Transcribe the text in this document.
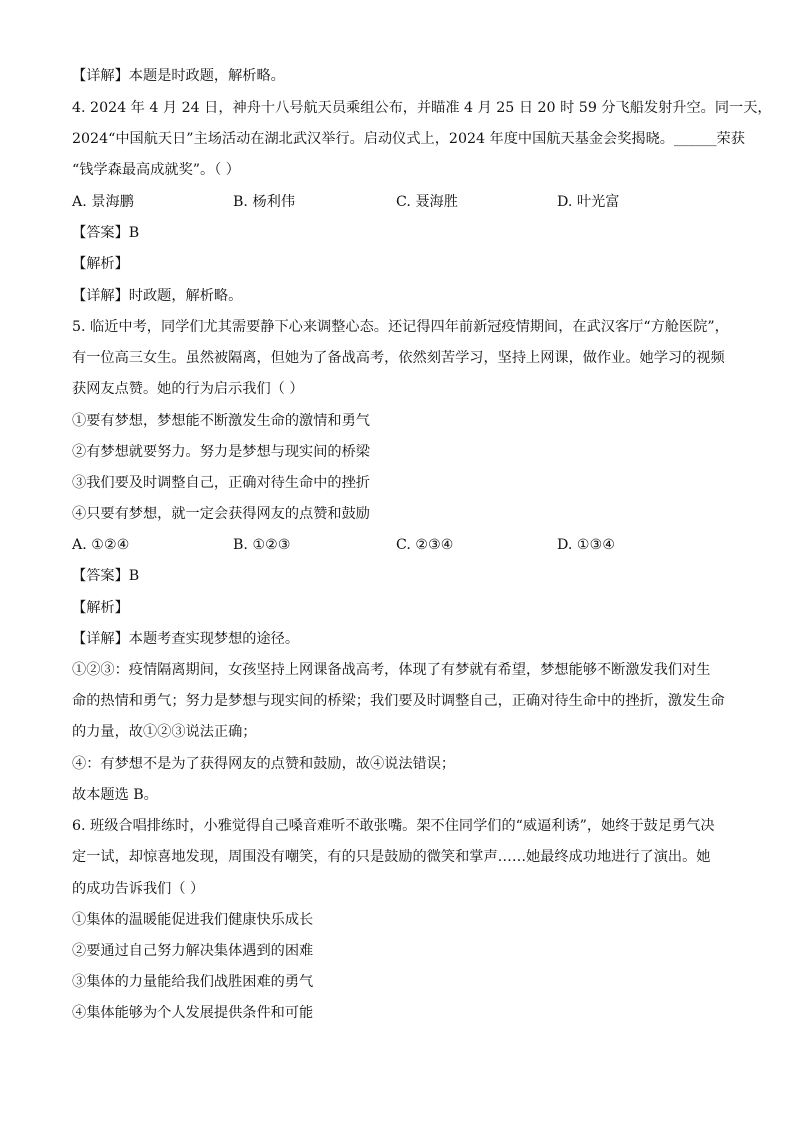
【详解】本题是时政题，解析略。
4. 2024 年 4 月 24 日，神舟十八号航天员乘组公布，并瞄准 4 月 25 日 20 时 59 分飞船发射升空。同一天，
2024“中国航天日”主场活动在湖北武汉举行。启动仪式上，2024 年度中国航天基金会奖揭晓。______荣获
“钱学森最高成就奖”。（ ）
A. 景海鹏	B. 杨利伟	C. 聂海胜	D. 叶光富
【答案】B
【解析】
【详解】时政题，解析略。
5. 临近中考，同学们尤其需要静下心来调整心态。还记得四年前新冠疫情期间，在武汉客厅“方舱医院”，
有一位高三女生。虽然被隔离，但她为了备战高考，依然刻苦学习，坚持上网课，做作业。她学习的视频
获网友点赞。她的行为启示我们（ ）
①要有梦想，梦想能不断激发生命的激情和勇气
②有梦想就要努力。努力是梦想与现实间的桥梁
③我们要及时调整自己，正确对待生命中的挫折
④只要有梦想，就一定会获得网友的点赞和鼓励
A. ①②④	B. ①②③	C. ②③④	D. ①③④
【答案】B
【解析】
【详解】本题考查实现梦想的途径。
①②③：疫情隔离期间，女孩坚持上网课备战高考，体现了有梦就有希望，梦想能够不断激发我们对生
命的热情和勇气；努力是梦想与现实间的桥梁；我们要及时调整自己，正确对待生命中的挫折，激发生命
的力量，故①②③说法正确；
④：有梦想不是为了获得网友的点赞和鼓励，故④说法错误；
故本题选 B。
6. 班级合唱排练时，小雅觉得自己嗓音难听不敢张嘴。架不住同学们的“威逼利诱”，她终于鼓足勇气决
定一试，却惊喜地发现，周围没有嘲笑，有的只是鼓励的微笑和掌声……她最终成功地进行了演出。她
的成功告诉我们（ ）
①集体的温暖能促进我们健康快乐成长
②要通过自己努力解决集体遇到的困难
③集体的力量能给我们战胜困难的勇气
④集体能够为个人发展提供条件和可能
